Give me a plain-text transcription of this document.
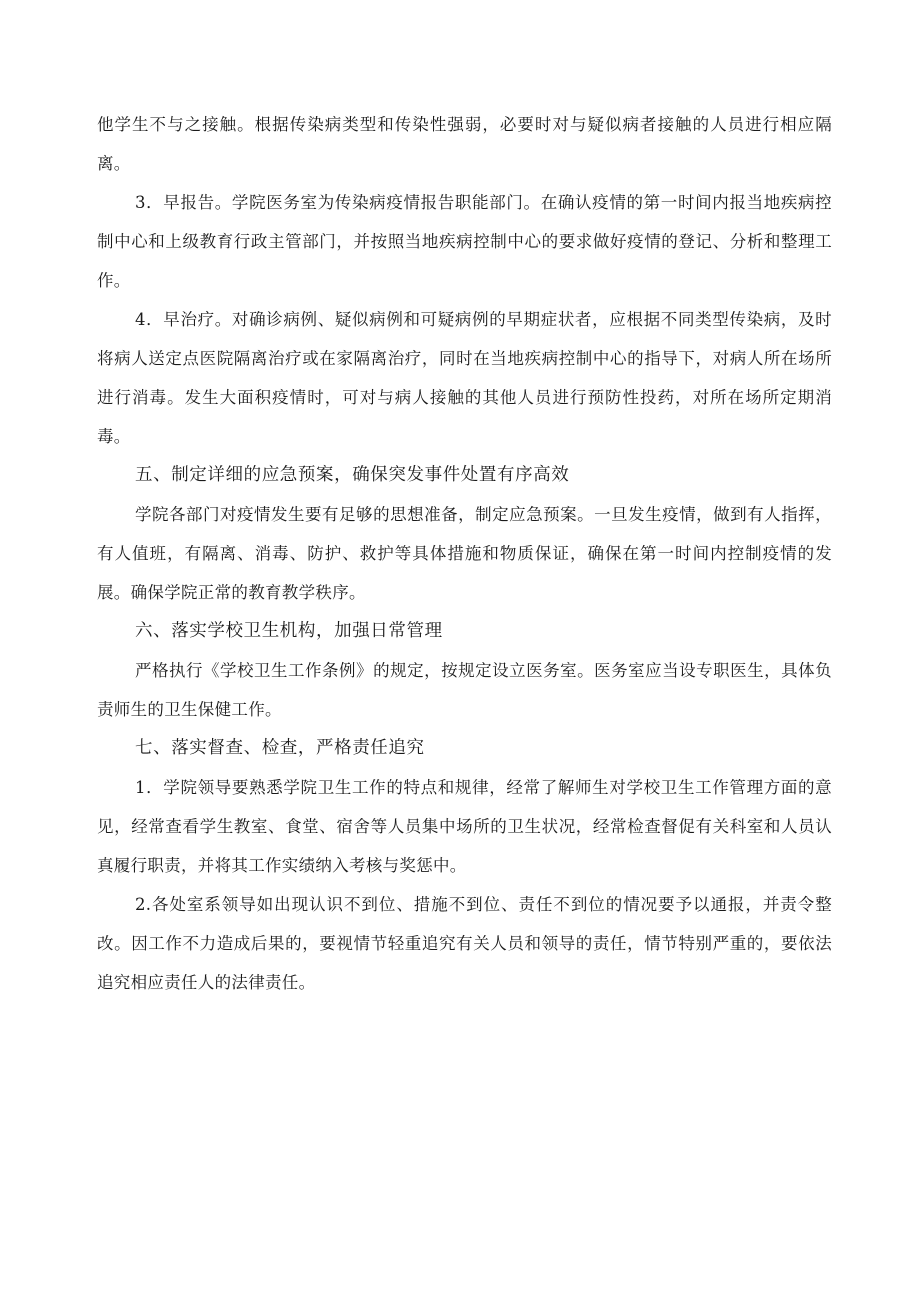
他学生不与之接触。根据传染病类型和传染性强弱，必要时对与疑似病者接触的人员进行相应隔离。

3．早报告。学院医务室为传染病疫情报告职能部门。在确认疫情的第一时间内报当地疾病控制中心和上级教育行政主管部门，并按照当地疾病控制中心的要求做好疫情的登记、分析和整理工作。

4．早治疗。对确诊病例、疑似病例和可疑病例的早期症状者，应根据不同类型传染病，及时将病人送定点医院隔离治疗或在家隔离治疗，同时在当地疾病控制中心的指导下，对病人所在场所进行消毒。发生大面积疫情时，可对与病人接触的其他人员进行预防性投药，对所在场所定期消毒。

五、制定详细的应急预案，确保突发事件处置有序高效

学院各部门对疫情发生要有足够的思想准备，制定应急预案。一旦发生疫情，做到有人指挥，有人值班，有隔离、消毒、防护、救护等具体措施和物质保证，确保在第一时间内控制疫情的发展。确保学院正常的教育教学秩序。

六、落实学校卫生机构，加强日常管理

严格执行《学校卫生工作条例》的规定，按规定设立医务室。医务室应当设专职医生，具体负责师生的卫生保健工作。

七、落实督查、检查，严格责任追究

1．学院领导要熟悉学院卫生工作的特点和规律，经常了解师生对学校卫生工作管理方面的意见，经常查看学生教室、食堂、宿舍等人员集中场所的卫生状况，经常检查督促有关科室和人员认真履行职责，并将其工作实绩纳入考核与奖惩中。

2.各处室系领导如出现认识不到位、措施不到位、责任不到位的情况要予以通报，并责令整改。因工作不力造成后果的，要视情节轻重追究有关人员和领导的责任，情节特别严重的，要依法追究相应责任人的法律责任。
